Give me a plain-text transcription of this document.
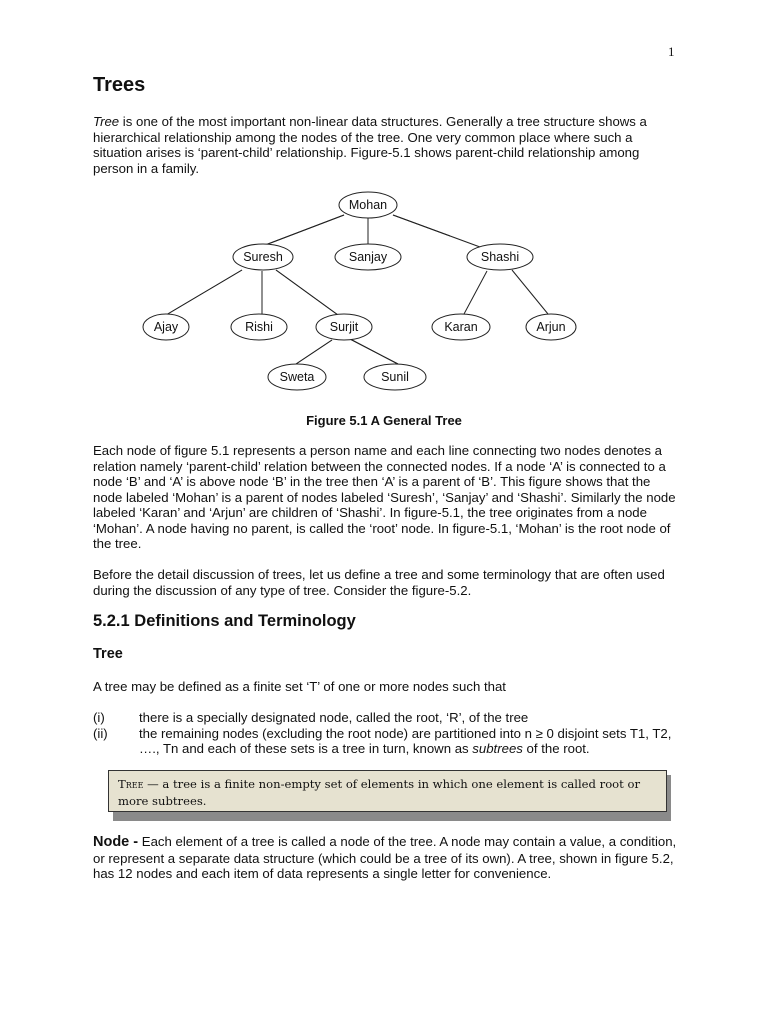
1
Trees

Tree is one of the most important non-linear data structures. Generally a tree structure shows a hierarchical relationship among the nodes of the tree. One very common place where such a situation arises is ‘parent-child’ relationship. Figure-5.1 shows parent-child relationship among person in a family.

Mohan
Suresh	Sanjay	Shashi
Ajay	Rishi	Surjit	Karan	Arjun
Sweta	Sunil
Figure 5.1 A General Tree

Each node of figure 5.1 represents a person name and each line connecting two nodes denotes a relation namely ‘parent-child’ relation between the connected nodes. If a node ‘A’ is connected to a node ‘B’ and ‘A’ is above node ‘B’ in the tree then ‘A’ is a parent of ‘B’. This figure shows that the node labeled ‘Mohan’ is a parent of nodes labeled ‘Suresh’, ‘Sanjay’ and ‘Shashi’. Similarly the node labeled ‘Karan’ and ‘Arjun’ are children of ‘Shashi’. In figure-5.1, the tree originates from a node ‘Mohan’. A node having no parent, is called the ‘root’ node. In figure-5.1, ‘Mohan’ is the root node of the tree.

Before the detail discussion of trees, let us define a tree and some terminology that are often used during the discussion of any type of tree. Consider the figure-5.2.

5.2.1 Definitions and Terminology
Tree

A tree may be defined as a finite set ‘T’ of one or more nodes such that

(i)	there is a specially designated node, called the root, ‘R’, of the tree
(ii)	the remaining nodes (excluding the root node) are partitioned into n ≥ 0 disjoint sets T1, T2, …., Tn and each of these sets is a tree in turn, known as subtrees of the root.
Tree — a tree is a finite non-empty set of elements in which one element is called root or more subtrees.

Node - Each element of a tree is called a node of the tree. A node may contain a value, a condition, or represent a separate data structure (which could be a tree of its own). A tree, shown in figure 5.2, has 12 nodes and each item of data represents a single letter for convenience.
